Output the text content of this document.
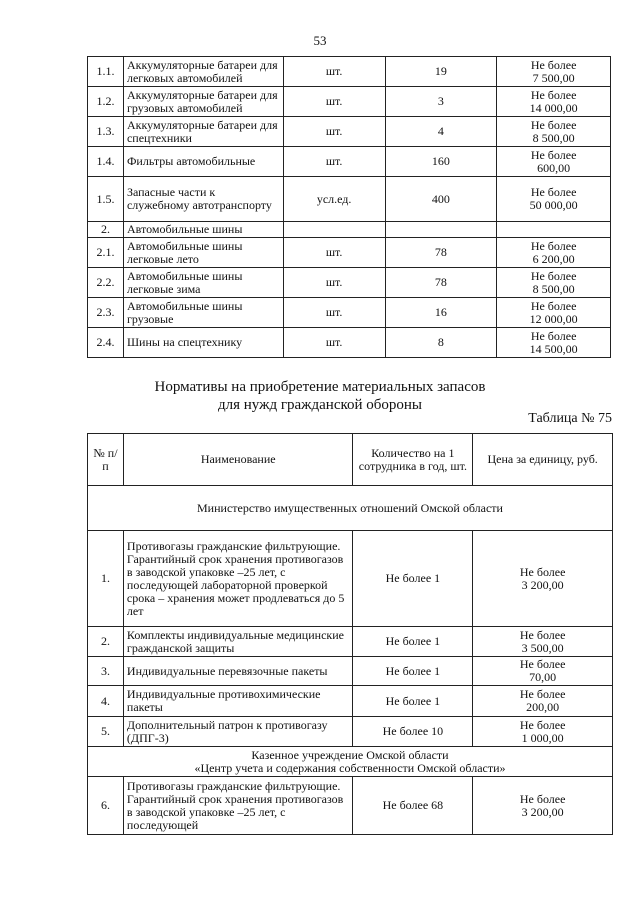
53
1.1.	Аккумуляторные батареи для легковых автомобилей	шт.	19	Не более
7 500,00

1.2.	Аккумуляторные батареи для грузовых автомобилей	шт.	3	Не более
14 000,00

1.3.	Аккумуляторные батареи для спецтехники	шт.	4	Не более
8 500,00

1.4.	Фильтры автомобильные	шт.	160	Не более
600,00

1.5.	Запасные части к служебному автотранспорту	усл.ед.	400	Не более
50 000,00

2.	Автомобильные шины			
2.1.	Автомобильные шины легковые лето	шт.	78	Не более
6 200,00

2.2.	Автомобильные шины легковые зима	шт.	78	Не более
8 500,00

2.3.	Автомобильные шины грузовые	шт.	16	Не более
12 000,00

2.4.	Шины на спецтехнику	шт.	8	Не более
14 500,00
Нормативы на приобретение материальных запасов
для нужд гражданской обороны
Таблица № 75
№ п/п	Наименование	Количество на 1 сотрудника в год, шт.	Цена за единицу, руб.
Министерство имущественных отношений Омской области			
1.	Противогазы гражданские фильтрующие. Гарантийный срок хранения противогазов в заводской упаковке –25 лет, с последующей лабораторной проверкой срока – хранения может продлеваться до 5 лет	Не более 1	Не более
3 200,00

2.	Комплекты индивидуальные медицинские гражданской защиты	Не более 1	Не более
3 500,00

3.	Индивидуальные перевязочные пакеты	Не более 1	Не более
70,00

4.	Индивидуальные противохимические пакеты	Не более 1	Не более
200,00

5.	Дополнительный патрон к противогазу (ДПГ-3)	Не более 10	Не более
1 000,00

Казенное учреждение Омской области
«Центр учета и содержания собственности Омской области»			

6.	Противогазы гражданские фильтрующие. Гарантийный срок хранения противогазов в заводской упаковке –25 лет, с последующей	Не более 68	Не более
3 200,00
